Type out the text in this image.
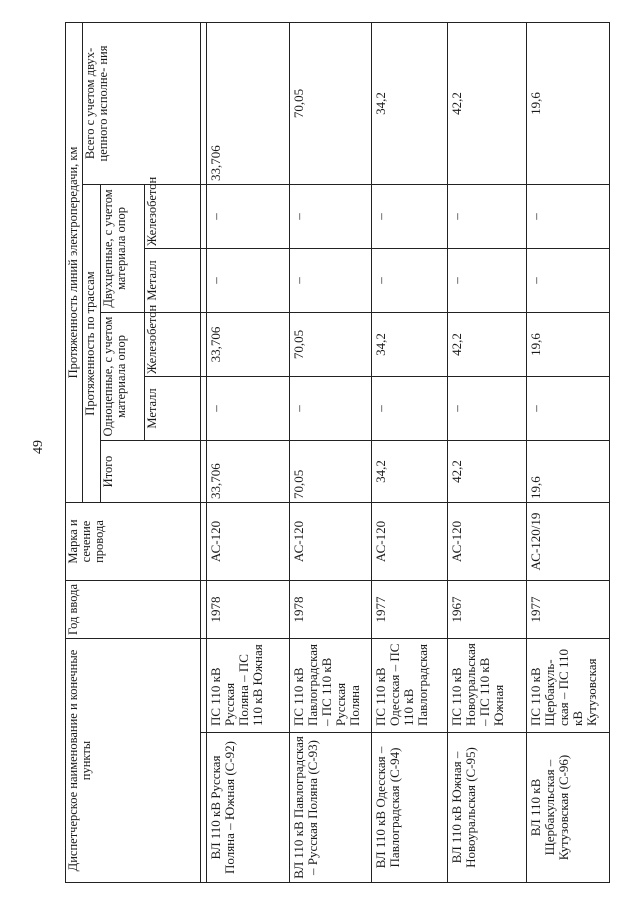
49
Диспетчерское наименование и конечные пункты		Год ввода	Марка и сечение провода	Протяженность линий электропередачи, км					
				Протяженность по трассам					Всего с учетом двух- цепного исполне- ния
				Итого	Одноцепные, с учетом материала опор		Двухцепные, с учетом материала опор		

					Металл	Железобетон	Металл	Железобетон	

ВЛ 110 кВ Русская Поляна – Южная (С-92)	ПС 110 кВ Русская Поляна – ПС 110 кВ Южная	1978	АС-120	33,706	–	33,706	–	–	33,706
ВЛ 110 кВ Павлоградская – Русская Поляна (С-93)	ПС 110 кВ Павлоградская – ПС 110 кВ Русская Поляна	1978	АС-120	70,05	–	70,05	–	–	70,05
ВЛ 110 кВ Одесская – Павлоградская (С-94)	ПС 110 кВ Одесская – ПС 110 кВ Павлоградская	1977	АС-120	34,2	–	34,2	–	–	34,2
ВЛ 110 кВ Южная – Новоуральская (С-95)	ПС 110 кВ Новоуральская – ПС 110 кВ Южная	1967	АС-120	42,2	–	42,2	–	–	42,2
ВЛ 110 кВ Щербакульская – Кутузовская (С-96)	ПС 110 кВ Щербакуль- ская – ПС 110 кВ Кутузовская	1977	АС-120/19	19,6	–	19,6	–	–	19,6
